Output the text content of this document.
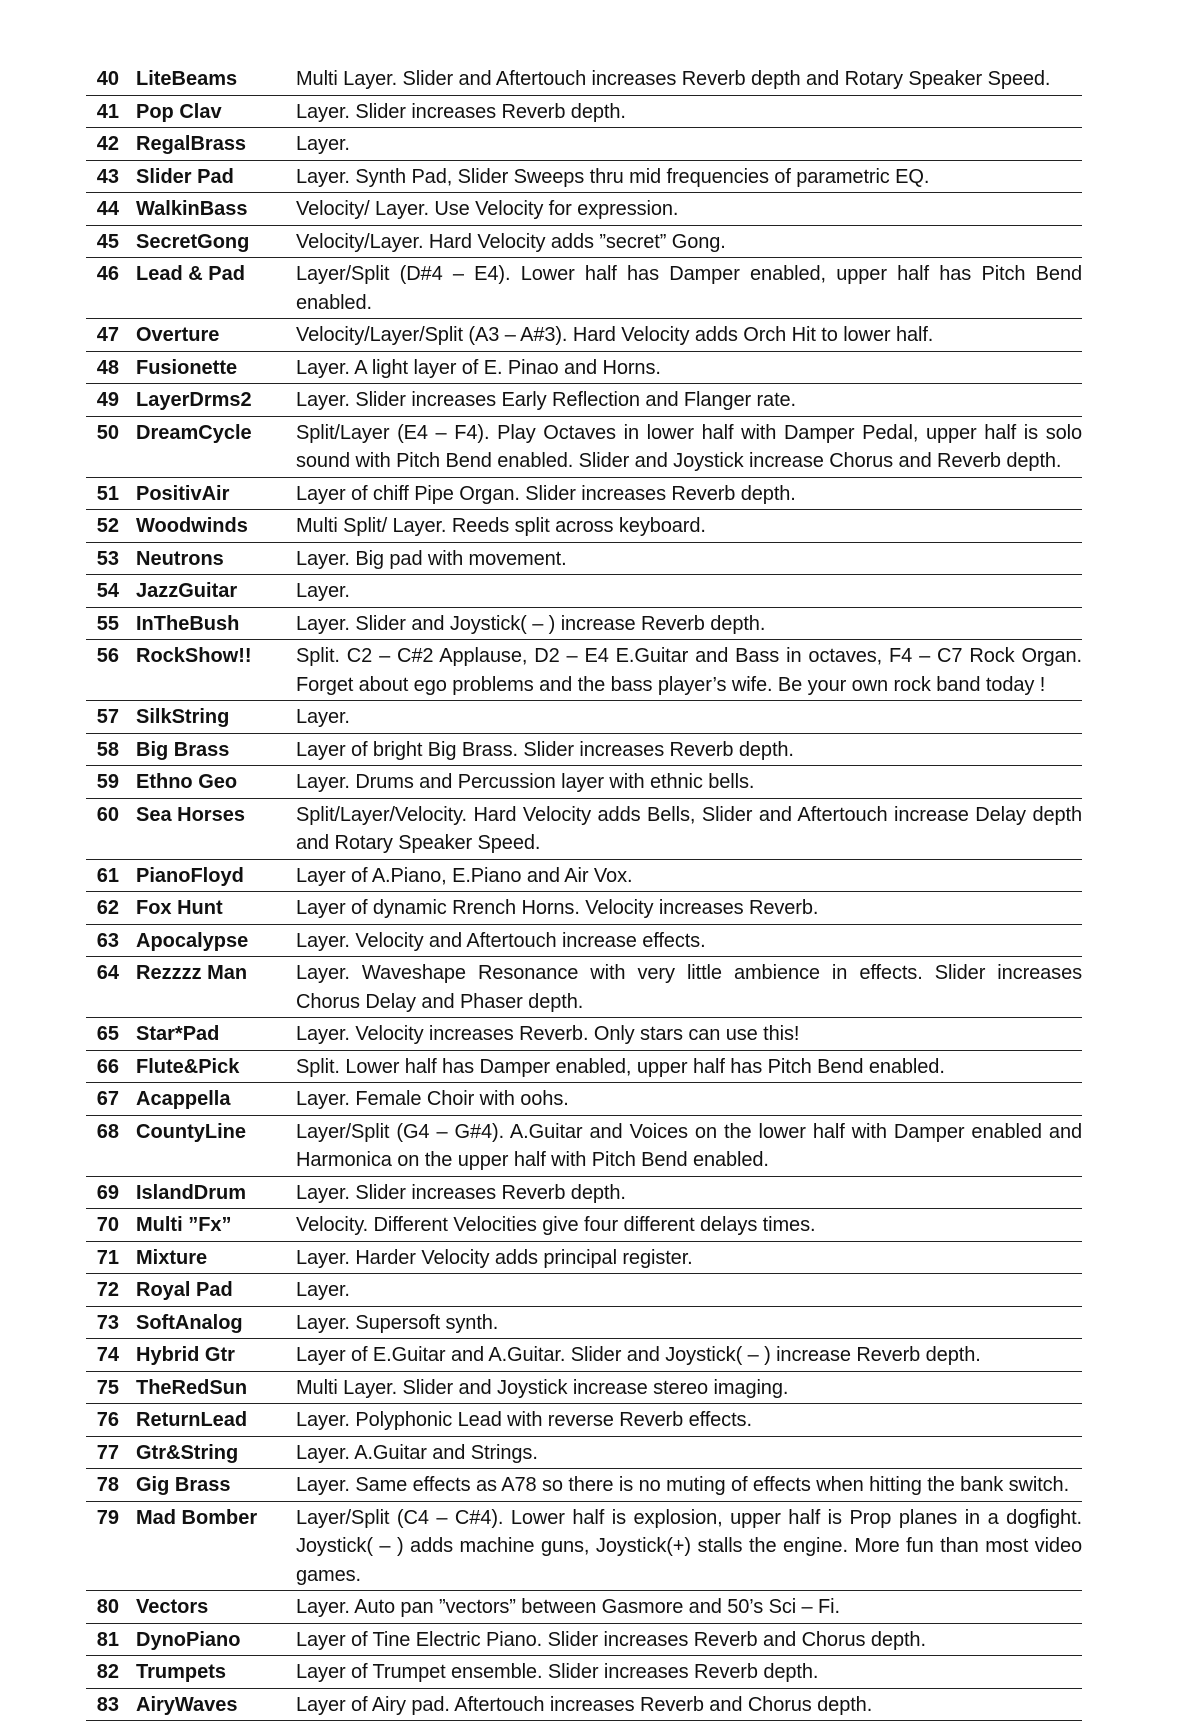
40	LiteBeams	Multi Layer. Slider and Aftertouch increases Reverb depth and Rotary Speaker Speed.
41	Pop Clav	Layer. Slider increases Reverb depth.
42	RegalBrass	Layer.
43	Slider Pad	Layer. Synth Pad, Slider Sweeps thru mid frequencies of parametric EQ.
44	WalkinBass	Velocity/ Layer. Use Velocity for expression.
45	SecretGong	Velocity/Layer. Hard Velocity adds ”secret” Gong.
46	Lead & Pad	Layer/Split (D#4 – E4). Lower half has Damper enabled, upper half has Pitch Bend enabled.
47	Overture	Velocity/Layer/Split (A3 – A#3). Hard Velocity adds Orch Hit to lower half.
48	Fusionette	Layer. A light layer of E. Pinao and Horns.
49	LayerDrms2	Layer. Slider increases Early Reflection and Flanger rate.
50	DreamCycle	Split/Layer (E4 – F4). Play Octaves in lower half with Damper Pedal, upper half is solo sound with Pitch Bend enabled. Slider and Joystick increase Chorus and Reverb depth.
51	PositivAir	Layer of chiff Pipe Organ. Slider increases Reverb depth.
52	Woodwinds	Multi Split/ Layer. Reeds split across keyboard.
53	Neutrons	Layer. Big pad with movement.
54	JazzGuitar	Layer.
55	InTheBush	Layer. Slider and Joystick( – ) increase Reverb depth.
56	RockShow!!	Split. C2 – C#2 Applause, D2 – E4 E.Guitar and Bass in octaves, F4 – C7 Rock Organ. Forget about ego problems and the bass player’s wife. Be your own rock band today !
57	SilkString	Layer.
58	Big Brass	Layer of bright Big Brass. Slider increases Reverb depth.
59	Ethno Geo	Layer. Drums and Percussion layer with ethnic bells.
60	Sea Horses	Split/Layer/Velocity. Hard Velocity adds Bells, Slider and Aftertouch increase Delay depth and Rotary Speaker Speed.
61	PianoFloyd	Layer of A.Piano, E.Piano and Air Vox.
62	Fox Hunt	Layer of dynamic Rrench Horns. Velocity increases Reverb.
63	Apocalypse	Layer. Velocity and Aftertouch increase effects.
64	Rezzzz Man	Layer. Waveshape Resonance with very little ambience in effects. Slider increases Chorus Delay and Phaser depth.
65	Star*Pad	Layer. Velocity increases Reverb. Only stars can use this!
66	Flute&Pick	Split. Lower half has Damper enabled, upper half has Pitch Bend enabled.
67	Acappella	Layer. Female Choir with oohs.
68	CountyLine	Layer/Split (G4 – G#4). A.Guitar and Voices on the lower half with Damper enabled and Harmonica on the upper half with Pitch Bend enabled.
69	IslandDrum	Layer. Slider increases Reverb depth.
70	Multi ”Fx”	Velocity. Different Velocities give four different delays times.
71	Mixture	Layer. Harder Velocity adds principal register.
72	Royal Pad	Layer.
73	SoftAnalog	Layer. Supersoft synth.
74	Hybrid Gtr	Layer of E.Guitar and A.Guitar. Slider and Joystick( – ) increase Reverb depth.
75	TheRedSun	Multi Layer. Slider and Joystick increase stereo imaging.
76	ReturnLead	Layer. Polyphonic Lead with reverse Reverb effects.
77	Gtr&String	Layer. A.Guitar and Strings.
78	Gig Brass	Layer. Same effects as A78 so there is no muting of effects when hitting the bank switch.
79	Mad Bomber	Layer/Split (C4 – C#4). Lower half is explosion, upper half is Prop planes in a dogfight. Joystick( – ) adds machine guns, Joystick(+) stalls the engine. More fun than most video games.
80	Vectors	Layer. Auto pan ”vectors” between Gasmore and 50’s Sci – Fi.
81	DynoPiano	Layer of Tine Electric Piano. Slider increases Reverb and Chorus depth.
82	Trumpets	Layer of Trumpet ensemble. Slider increases Reverb depth.
83	AiryWaves	Layer of Airy pad. Aftertouch increases Reverb and Chorus depth.
